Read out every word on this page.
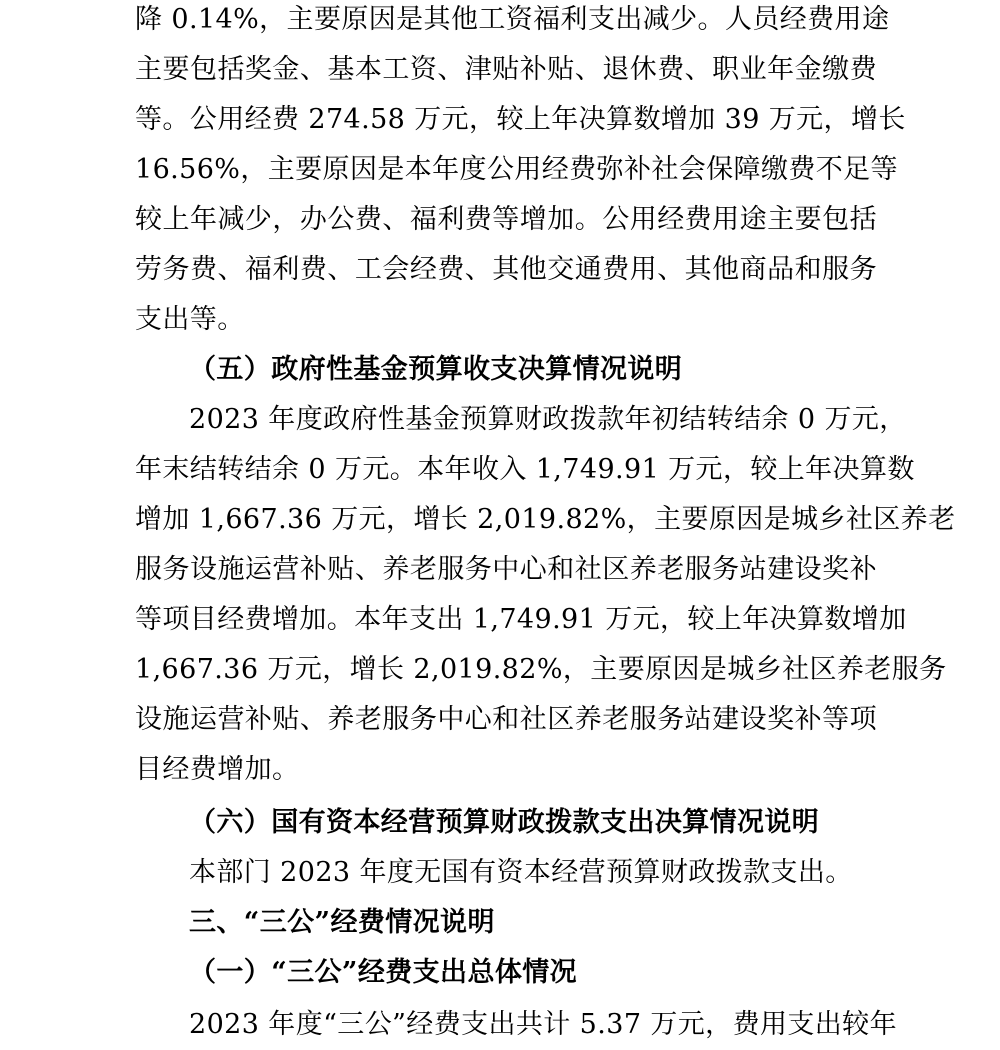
降 0.14%，主要原因是其他工资福利支出减少。人员经费用途
主要包括奖金、基本工资、津贴补贴、退休费、职业年金缴费
等。公用经费 274.58 万元，较上年决算数增加 39 万元，增长
16.56%，主要原因是本年度公用经费弥补社会保障缴费不足等
较上年减少，办公费、福利费等增加。公用经费用途主要包括
劳务费、福利费、工会经费、其他交通费用、其他商品和服务
支出等。
（五）政府性基金预算收支决算情况说明
2023 年度政府性基金预算财政拨款年初结转结余 0 万元，
年末结转结余 0 万元。本年收入 1,749.91 万元，较上年决算数
增加 1,667.36 万元，增长 2,019.82%，主要原因是城乡社区养老
服务设施运营补贴、养老服务中心和社区养老服务站建设奖补
等项目经费增加。本年支出 1,749.91 万元，较上年决算数增加
1,667.36 万元，增长 2,019.82%，主要原因是城乡社区养老服务
设施运营补贴、养老服务中心和社区养老服务站建设奖补等项
目经费增加。
（六）国有资本经营预算财政拨款支出决算情况说明
本部门 2023 年度无国有资本经营预算财政拨款支出。
三、“三公”经费情况说明
（一）“三公”经费支出总体情况
2023 年度“三公”经费支出共计 5.37 万元，费用支出较年
